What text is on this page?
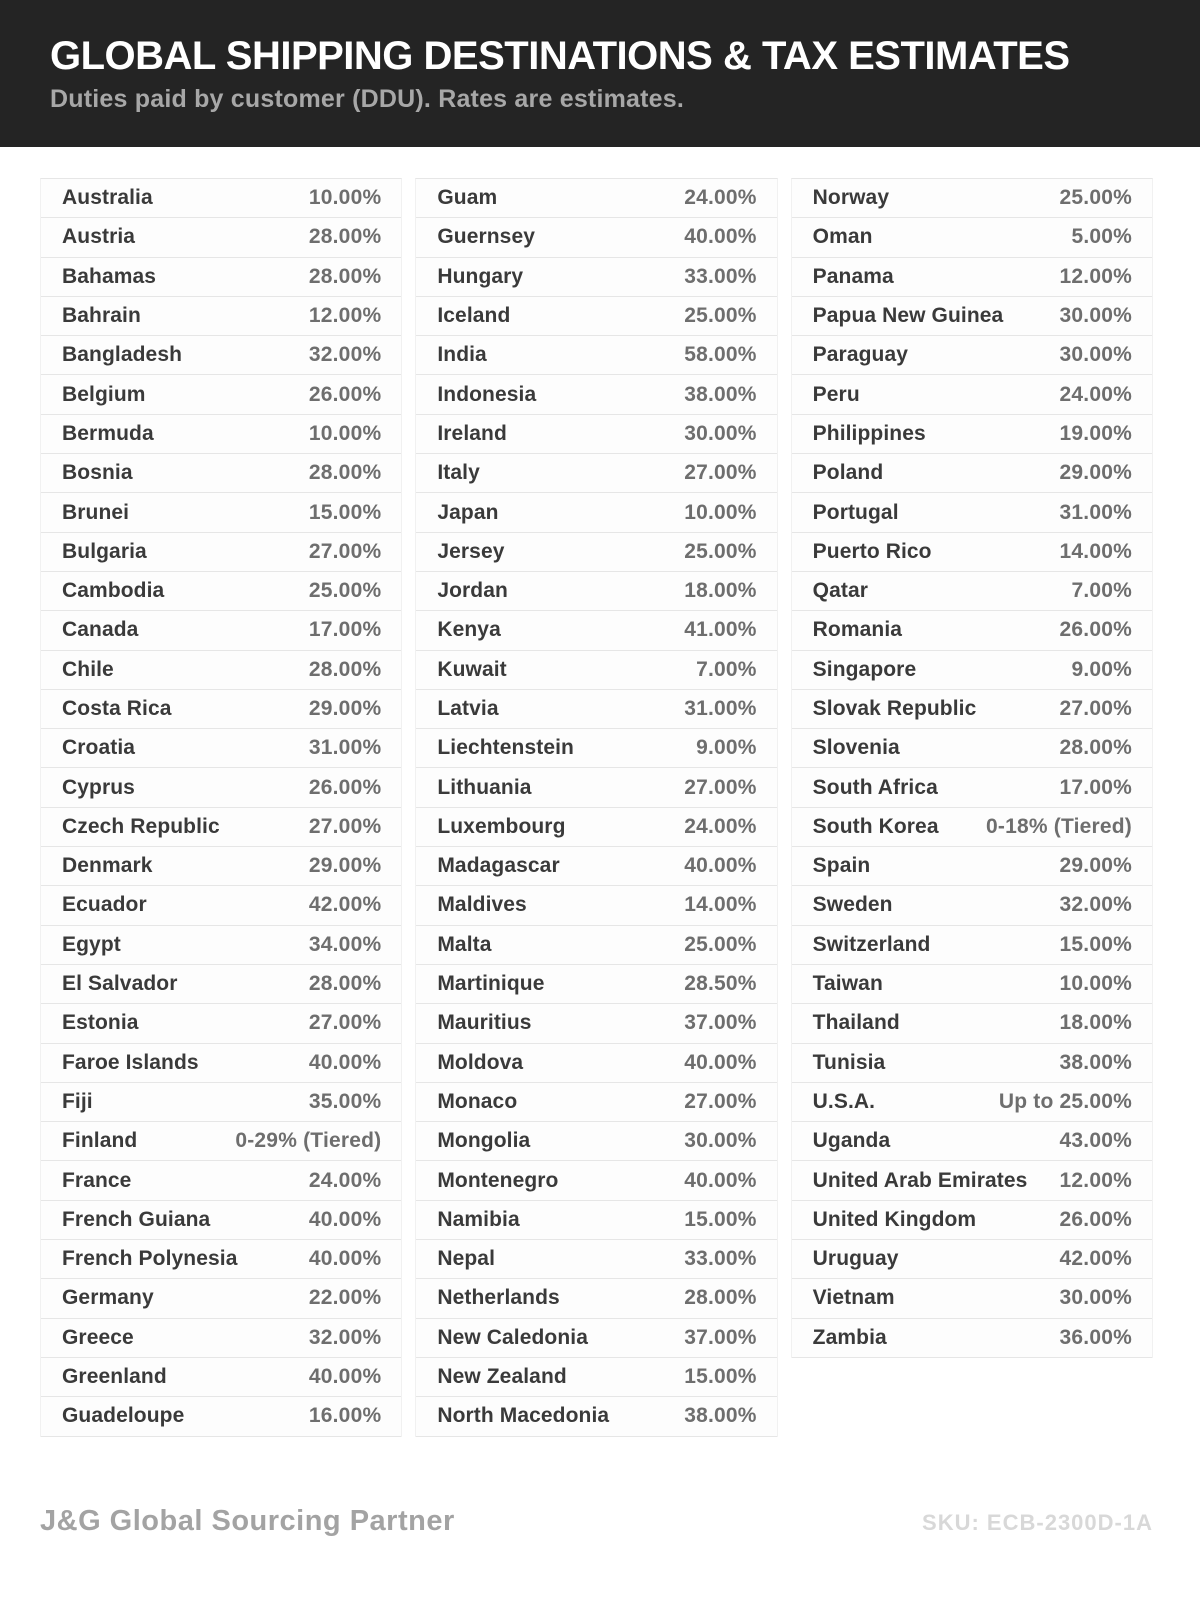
GLOBAL SHIPPING DESTINATIONS & TAX ESTIMATES

Duties paid by customer (DDU). Rates are estimates.

Australia	10.00%
Austria	28.00%
Bahamas	28.00%
Bahrain	12.00%
Bangladesh	32.00%
Belgium	26.00%
Bermuda	10.00%
Bosnia	28.00%
Brunei	15.00%
Bulgaria	27.00%
Cambodia	25.00%
Canada	17.00%
Chile	28.00%
Costa Rica	29.00%
Croatia	31.00%
Cyprus	26.00%
Czech Republic	27.00%
Denmark	29.00%
Ecuador	42.00%
Egypt	34.00%
El Salvador	28.00%
Estonia	27.00%
Faroe Islands	40.00%
Fiji	35.00%
Finland	0-29% (Tiered)
France	24.00%
French Guiana	40.00%
French Polynesia	40.00%
Germany	22.00%
Greece	32.00%
Greenland	40.00%
Guadeloupe	16.00%
Guam	24.00%
Guernsey	40.00%
Hungary	33.00%
Iceland	25.00%
India	58.00%
Indonesia	38.00%
Ireland	30.00%
Italy	27.00%
Japan	10.00%
Jersey	25.00%
Jordan	18.00%
Kenya	41.00%
Kuwait	7.00%
Latvia	31.00%
Liechtenstein	9.00%
Lithuania	27.00%
Luxembourg	24.00%
Madagascar	40.00%
Maldives	14.00%
Malta	25.00%
Martinique	28.50%
Mauritius	37.00%
Moldova	40.00%
Monaco	27.00%
Mongolia	30.00%
Montenegro	40.00%
Namibia	15.00%
Nepal	33.00%
Netherlands	28.00%
New Caledonia	37.00%
New Zealand	15.00%
North Macedonia	38.00%
Norway	25.00%
Oman	5.00%
Panama	12.00%
Papua New Guinea	30.00%
Paraguay	30.00%
Peru	24.00%
Philippines	19.00%
Poland	29.00%
Portugal	31.00%
Puerto Rico	14.00%
Qatar	7.00%
Romania	26.00%
Singapore	9.00%
Slovak Republic	27.00%
Slovenia	28.00%
South Africa	17.00%
South Korea 0-18% (Tiered)
Spain	29.00%
Sweden	32.00%
Switzerland	15.00%
Taiwan	10.00%
Thailand	18.00%
Tunisia	38.00%
U.S.A.	Up to 25.00%
Uganda	43.00%
United Arab Emirates 12.00%
United Kingdom	26.00%
Uruguay	42.00%
Vietnam	30.00%
Zambia	36.00%
J&G Global Sourcing Partner	SKU: ECB-2300D-1A
